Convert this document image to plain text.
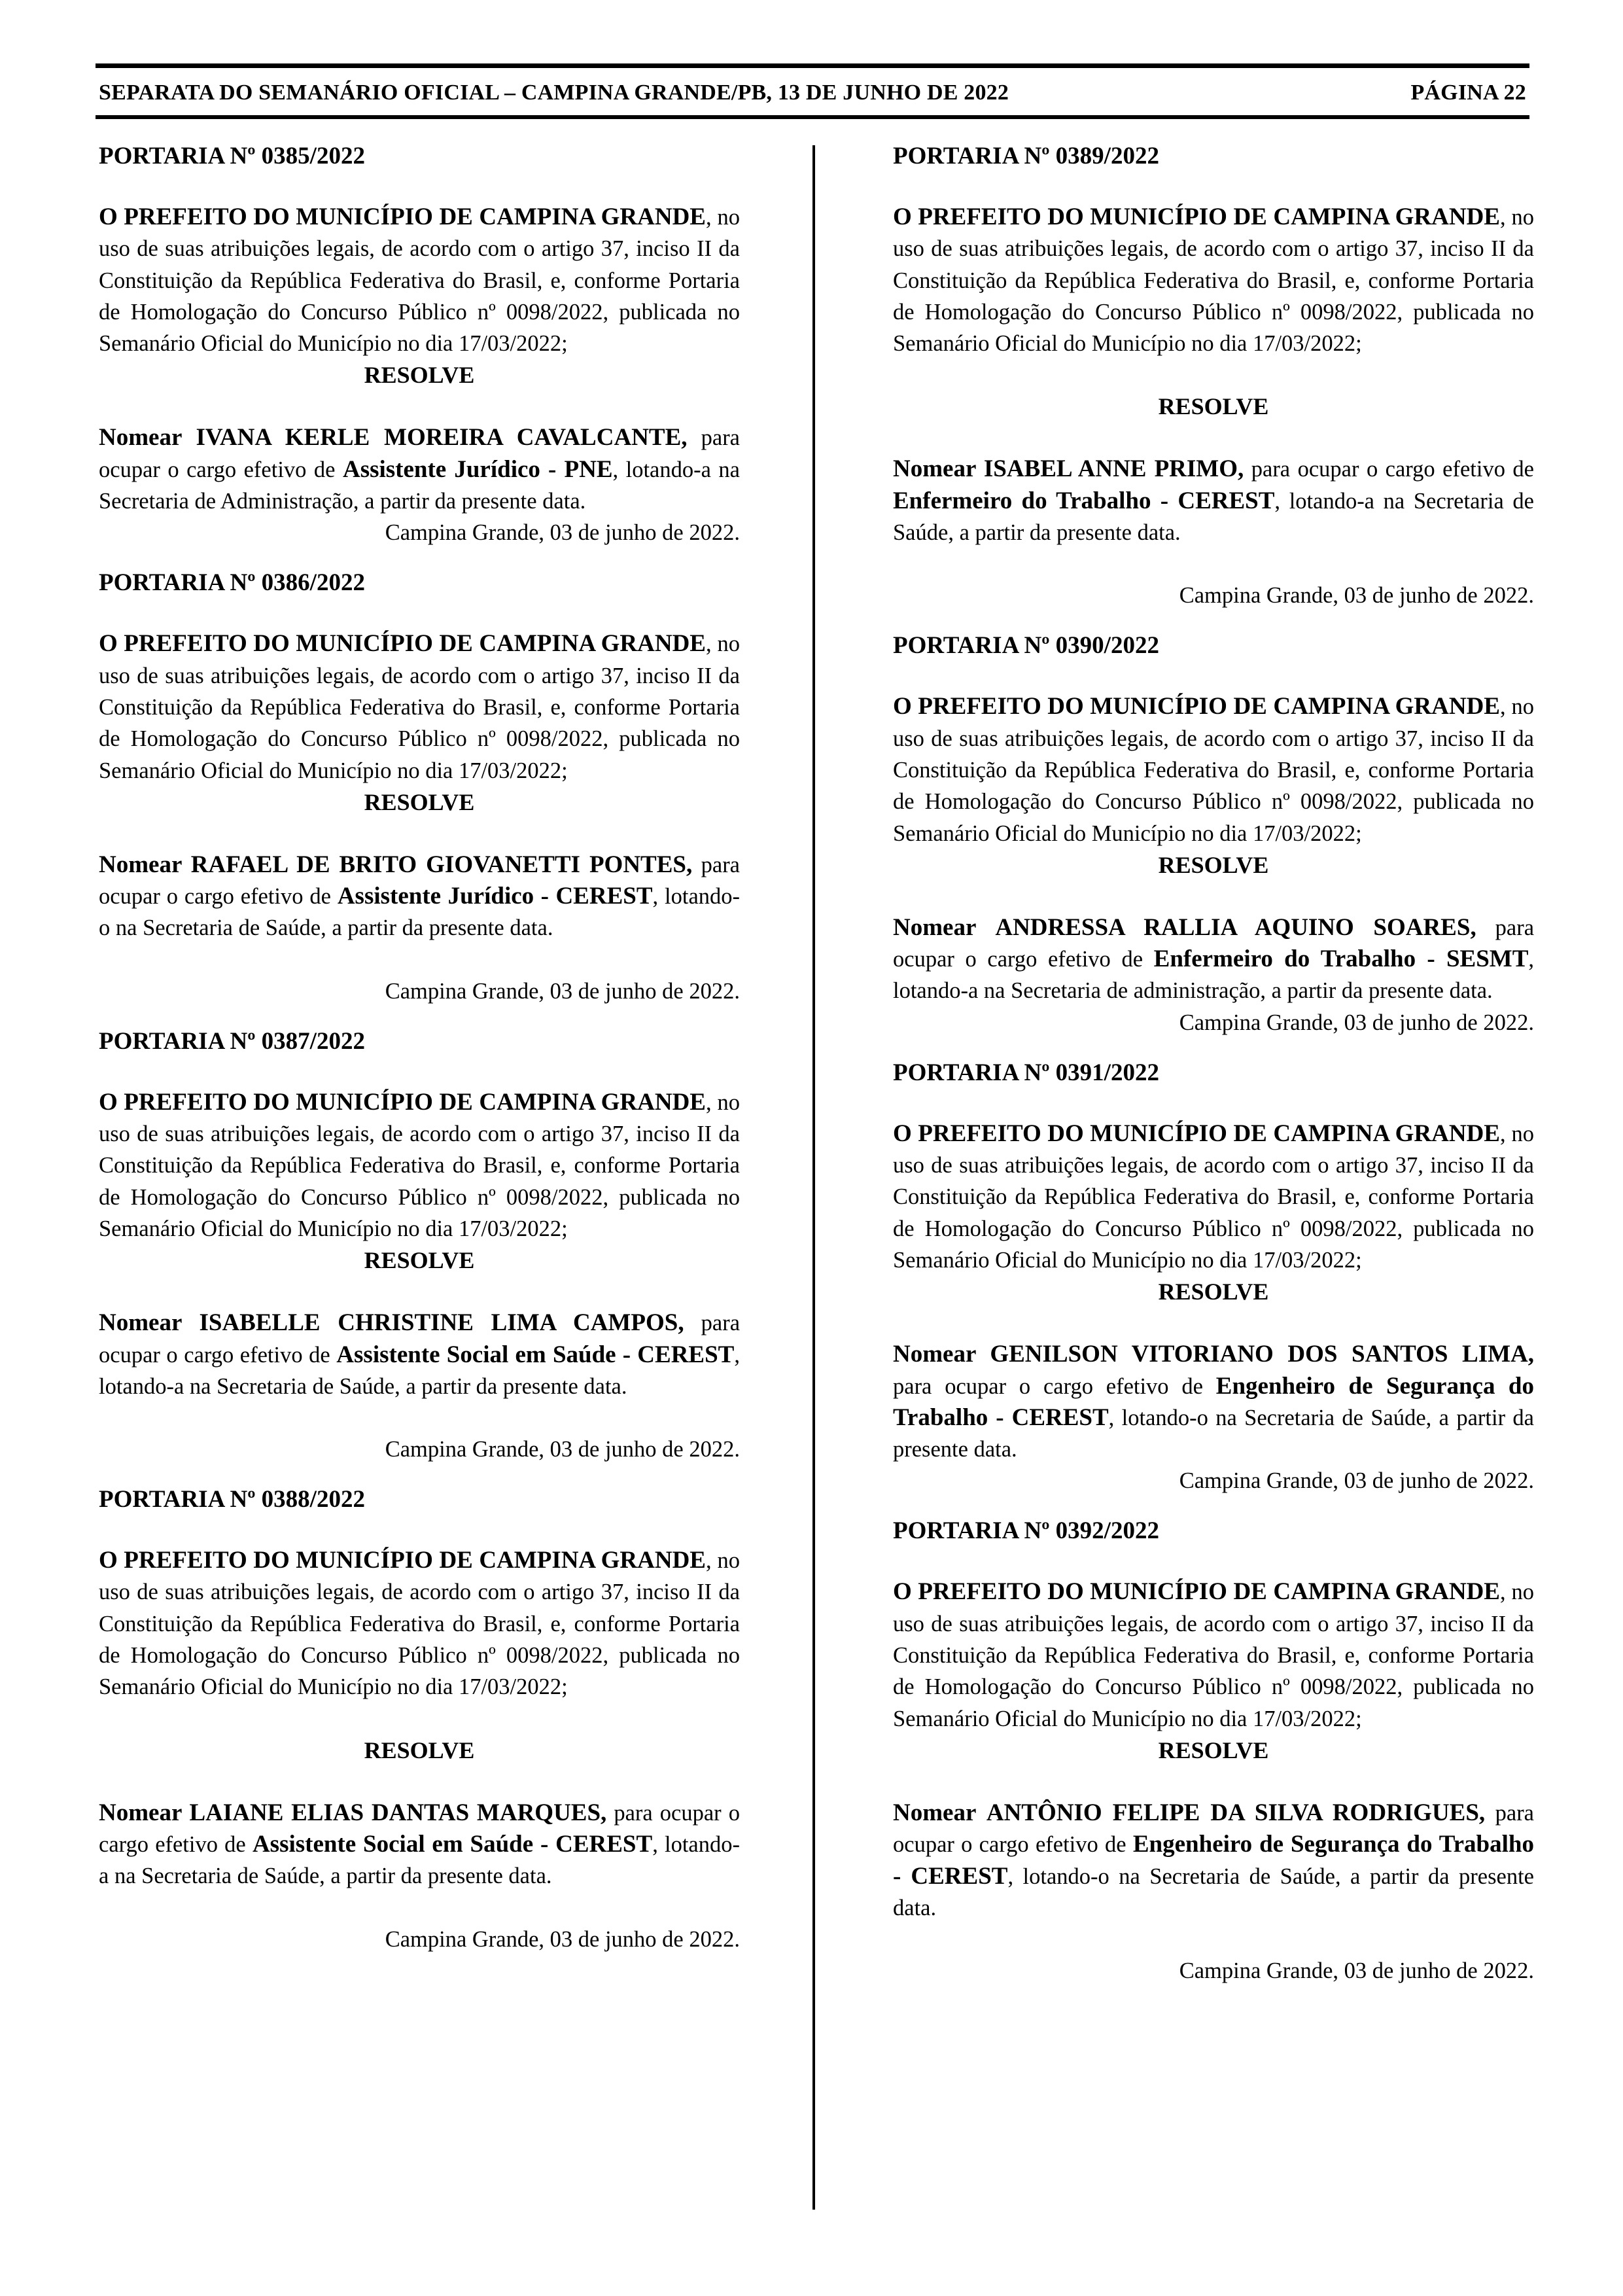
SEPARATA DO SEMANÁRIO OFICIAL – CAMPINA GRANDE/PB, 13 DE JUNHO DE 2022	PÁGINA 22

PORTARIA Nº 0385/2022

O PREFEITO DO MUNICÍPIO DE CAMPINA GRANDE, no uso de suas atribuições legais, de acordo com o artigo 37, inciso II da Constituição da República Federativa do Brasil, e, conforme Portaria de Homologação do Concurso Público nº 0098/2022, publicada no Semanário Oficial do Município no dia 17/03/2022;

RESOLVE

Nomear IVANA KERLE MOREIRA CAVALCANTE, para ocupar o cargo efetivo de Assistente Jurídico - PNE, lotando-a na Secretaria de Administração, a partir da presente data.

Campina Grande, 03 de junho de 2022.

PORTARIA Nº 0386/2022

O PREFEITO DO MUNICÍPIO DE CAMPINA GRANDE, no uso de suas atribuições legais, de acordo com o artigo 37, inciso II da Constituição da República Federativa do Brasil, e, conforme Portaria de Homologação do Concurso Público nº 0098/2022, publicada no Semanário Oficial do Município no dia 17/03/2022;

RESOLVE

Nomear RAFAEL DE BRITO GIOVANETTI PONTES, para ocupar o cargo efetivo de Assistente Jurídico - CEREST, lotando-o na Secretaria de Saúde, a partir da presente data.

Campina Grande, 03 de junho de 2022.

PORTARIA Nº 0387/2022

O PREFEITO DO MUNICÍPIO DE CAMPINA GRANDE, no uso de suas atribuições legais, de acordo com o artigo 37, inciso II da Constituição da República Federativa do Brasil, e, conforme Portaria de Homologação do Concurso Público nº 0098/2022, publicada no Semanário Oficial do Município no dia 17/03/2022;

RESOLVE

Nomear ISABELLE CHRISTINE LIMA CAMPOS, para ocupar o cargo efetivo de Assistente Social em Saúde - CEREST, lotando-a na Secretaria de Saúde, a partir da presente data.

Campina Grande, 03 de junho de 2022.

PORTARIA Nº 0388/2022

O PREFEITO DO MUNICÍPIO DE CAMPINA GRANDE, no uso de suas atribuições legais, de acordo com o artigo 37, inciso II da Constituição da República Federativa do Brasil, e, conforme Portaria de Homologação do Concurso Público nº 0098/2022, publicada no Semanário Oficial do Município no dia 17/03/2022;

RESOLVE

Nomear LAIANE ELIAS DANTAS MARQUES, para ocupar o cargo efetivo de Assistente Social em Saúde - CEREST, lotando-a na Secretaria de Saúde, a partir da presente data.

Campina Grande, 03 de junho de 2022.

PORTARIA Nº 0389/2022

O PREFEITO DO MUNICÍPIO DE CAMPINA GRANDE, no uso de suas atribuições legais, de acordo com o artigo 37, inciso II da Constituição da República Federativa do Brasil, e, conforme Portaria de Homologação do Concurso Público nº 0098/2022, publicada no Semanário Oficial do Município no dia 17/03/2022;

RESOLVE

Nomear ISABEL ANNE PRIMO, para ocupar o cargo efetivo de Enfermeiro do Trabalho - CEREST, lotando-a na Secretaria de Saúde, a partir da presente data.

Campina Grande, 03 de junho de 2022.

PORTARIA Nº 0390/2022

O PREFEITO DO MUNICÍPIO DE CAMPINA GRANDE, no uso de suas atribuições legais, de acordo com o artigo 37, inciso II da Constituição da República Federativa do Brasil, e, conforme Portaria de Homologação do Concurso Público nº 0098/2022, publicada no Semanário Oficial do Município no dia 17/03/2022;

RESOLVE

Nomear ANDRESSA RALLIA AQUINO SOARES, para ocupar o cargo efetivo de Enfermeiro do Trabalho - SESMT, lotando-a na Secretaria de administração, a partir da presente data.

Campina Grande, 03 de junho de 2022.

PORTARIA Nº 0391/2022

O PREFEITO DO MUNICÍPIO DE CAMPINA GRANDE, no uso de suas atribuições legais, de acordo com o artigo 37, inciso II da Constituição da República Federativa do Brasil, e, conforme Portaria de Homologação do Concurso Público nº 0098/2022, publicada no Semanário Oficial do Município no dia 17/03/2022;

RESOLVE

Nomear GENILSON VITORIANO DOS SANTOS LIMA, para ocupar o cargo efetivo de Engenheiro de Segurança do Trabalho - CEREST, lotando-o na Secretaria de Saúde, a partir da presente data.

Campina Grande, 03 de junho de 2022.

PORTARIA Nº 0392/2022

O PREFEITO DO MUNICÍPIO DE CAMPINA GRANDE, no uso de suas atribuições legais, de acordo com o artigo 37, inciso II da Constituição da República Federativa do Brasil, e, conforme Portaria de Homologação do Concurso Público nº 0098/2022, publicada no Semanário Oficial do Município no dia 17/03/2022;

RESOLVE

Nomear ANTÔNIO FELIPE DA SILVA RODRIGUES, para ocupar o cargo efetivo de Engenheiro de Segurança do Trabalho - CEREST, lotando-o na Secretaria de Saúde, a partir da presente data.

Campina Grande, 03 de junho de 2022.
